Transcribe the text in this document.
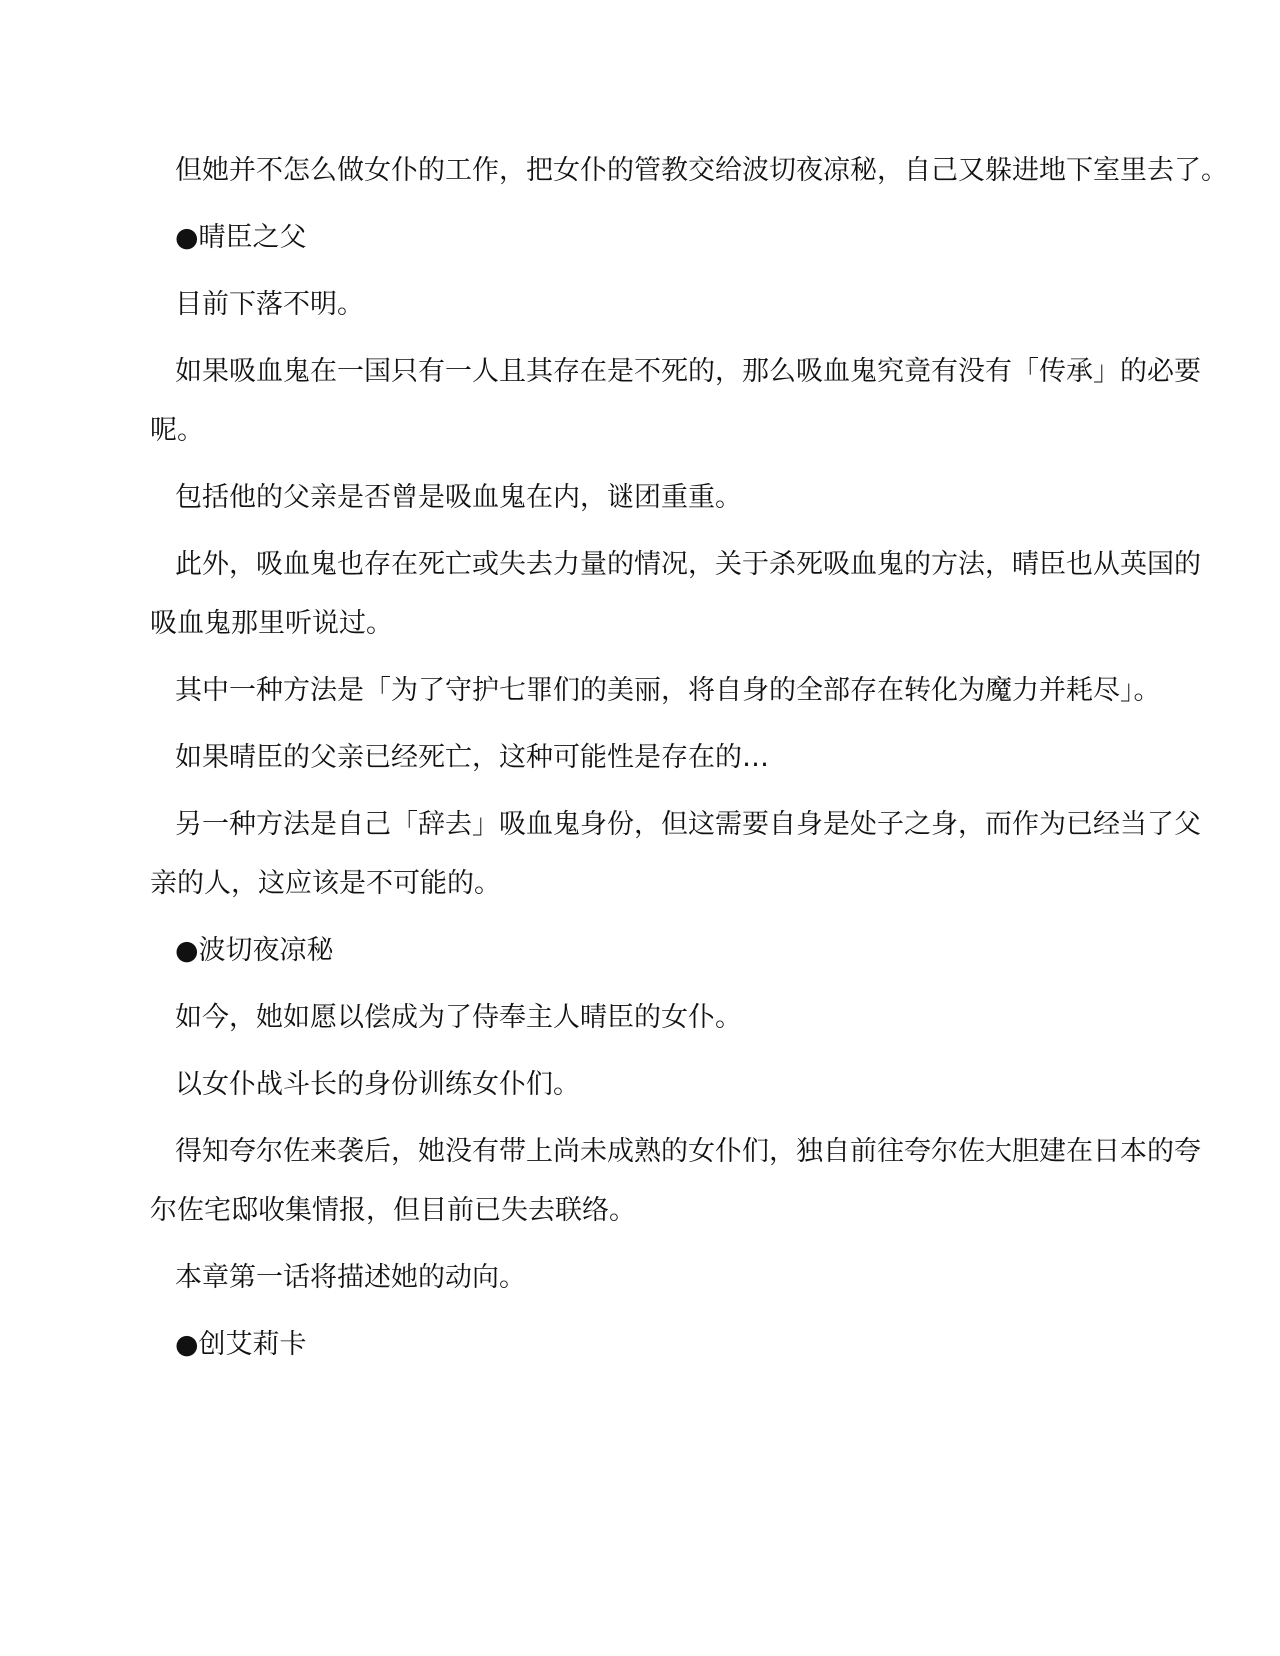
但她并不怎么做女仆的工作，把女仆的管教交给波切夜凉秘，自己又躲进地下室里去了。
●晴臣之父
目前下落不明。
如果吸血鬼在一国只有一人且其存在是不死的，那么吸血鬼究竟有没有「传承」的必要
呢。
包括他的父亲是否曾是吸血鬼在内，谜团重重。
此外，吸血鬼也存在死亡或失去力量的情况，关于杀死吸血鬼的方法，晴臣也从英国的
吸血鬼那里听说过。
其中一种方法是「为了守护七罪们的美丽，将自身的全部存在转化为魔力并耗尽」。
如果晴臣的父亲已经死亡，这种可能性是存在的…
另一种方法是自己「辞去」吸血鬼身份，但这需要自身是处子之身，而作为已经当了父
亲的人，这应该是不可能的。
●波切夜凉秘
如今，她如愿以偿成为了侍奉主人晴臣的女仆。
以女仆战斗长的身份训练女仆们。
得知夸尔佐来袭后，她没有带上尚未成熟的女仆们，独自前往夸尔佐大胆建在日本的夸
尔佐宅邸收集情报，但目前已失去联络。
本章第一话将描述她的动向。
●创艾莉卡
